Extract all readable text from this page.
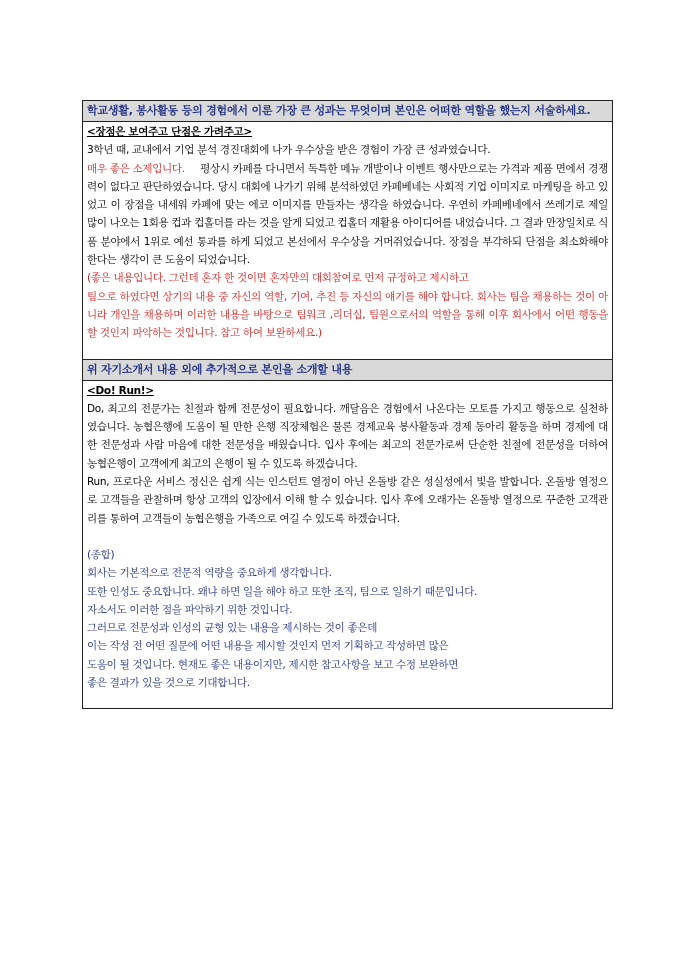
학교생활, 봉사활동 등의 경험에서 이룬 가장 큰 성과는 무엇이며 본인은 어떠한 역할을 했는지 서술하세요.

<장점은 보여주고 단점은 가려주고>

3학년 때, 교내에서 기업 분석 경진대회에 나가 우수상을 받은 경험이 가장 큰 성과였습니다.

매우 좋은 소제입니다. 평상시 카페를 다니면서 독특한 메뉴 개발이나 이벤트 행사만으로는 가격과 제품 면에서 경쟁력이 없다고 판단하였습니다. 당시 대회에 나가기 위해 분석하였던 카페베네는 사회적 기업 이미지로 마케팅을 하고 있었고 이 장점을 내세워 카페에 맞는 에코 이미지를 만들자는 생각을 하였습니다. 우연히 카페베네에서 쓰레기로 제일 많이 나오는 1회용 컵과 컵홀더를 라는 것을 알게 되었고 컵홀더 재활용 아이디어를 내었습니다. 그 결과 만장일치로 식품 분야에서 1위로 예선 통과를 하게 되었고 본선에서 우수상을 거머쥐었습니다. 장점을 부각하되 단점을 최소화해야 한다는 생각이 큰 도움이 되었습니다.

(좋은 내용입니다. 그런데 혼자 한 것이면 혼자만의 대회참여로 먼저 규정하고 제시하고

팀으로 하였다면 상기의 내용 중 자신의 역할, 기여, 추진 등 자신의 얘기를 해야 합니다. 회사는 팀을 채용하는 것이 아니라 개인을 채용하며 이러한 내용을 바탕으로 팀워크 ,리더십, 팀원으로서의 역할을 통해 이후 회사에서 어떤 행동을 할 것인지 파악하는 것입니다. 참고 하여 보완하세요.)

위 자기소개서 내용 외에 추가적으로 본인을 소개할 내용

<Do! Run!>

Do, 최고의 전문가는 친절과 함께 전문성이 필요합니다. 깨달음은 경험에서 나온다는 모토를 가지고 행동으로 실천하였습니다. 농협은행에 도움이 될 만한 은행 직장체험은 물론 경제교육 봉사활동과 경제 동아리 활동을 하며 경제에 대한 전문성과 사람 마음에 대한 전문성을 배웠습니다. 입사 후에는 최고의 전문가로써 단순한 친절에 전문성을 더하여 농협은행이 고객에게 최고의 은행이 될 수 있도록 하겠습니다.

Run, 프로다운 서비스 정신은 쉽게 식는 인스턴트 열정이 아닌 온돌방 같은 성실성에서 빛을 발합니다. 온돌방 열정으로 고객들을 관찰하며 항상 고객의 입장에서 이해 할 수 있습니다. 입사 후에 오래가는 온돌방 열정으로 꾸준한 고객관리를 통하여 고객들이 농협은행을 가족으로 여길 수 있도록 하겠습니다.

(종합)

회사는 기본적으로 전문적 역량을 중요하게 생각합니다.

또한 인성도 중요합니다. 왜냐 하면 일을 해야 하고 또한 조직, 팀으로 일하기 때문입니다.

자소서도 이러한 점을 파악하기 위한 것입니다.

그러므로 전문성과 인성의 균형 있는 내용을 제시하는 것이 좋은데

이는 작성 전 어떤 질문에 어떤 내용을 제시할 것인지 먼저 기획하고 작성하면 많은

도움이 될 것입니다. 현재도 좋은 내용이지만, 제시한 참고사항을 보고 수정 보완하면

좋은 결과가 있을 것으로 기대합니다.
